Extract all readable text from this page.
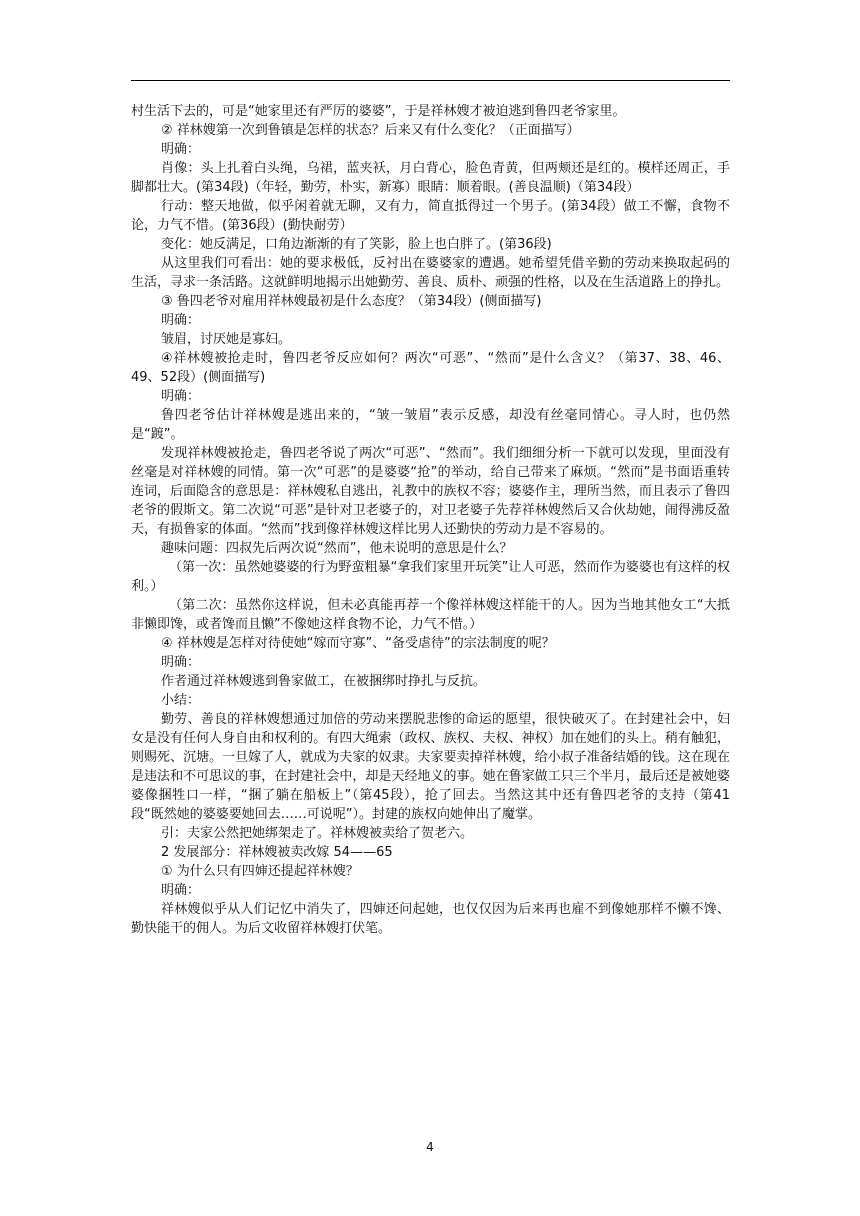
村生活下去的，可是“她家里还有严厉的婆婆”，于是祥林嫂才被迫逃到鲁四老爷家里。

② 祥林嫂第一次到鲁镇是怎样的状态？后来又有什么变化？（正面描写）

明确：

肖像：头上扎着白头绳，乌裙，蓝夹袄，月白背心，脸色青黄，但两颊还是红的。模样还周正，手脚都壮大。(第34段)（年轻，勤劳，朴实，新寡）眼睛：顺着眼。(善良温顺)（第34段）

行动：整天地做，似乎闲着就无聊，又有力，简直抵得过一个男子。(第34段）做工不懈，食物不论，力气不惜。(第36段）(勤快耐劳）

变化：她反满足，口角边渐渐的有了笑影，脸上也白胖了。(第36段)

从这里我们可看出：她的要求极低，反衬出在婆婆家的遭遇。她希望凭借辛勤的劳动来换取起码的生活，寻求一条活路。这就鲜明地揭示出她勤劳、善良、质朴、顽强的性格，以及在生活道路上的挣扎。

③ 鲁四老爷对雇用祥林嫂最初是什么态度？（第34段）(侧面描写)

明确：

皱眉，讨厌她是寡妇。

④祥林嫂被抢走时，鲁四老爷反应如何？两次“可恶”、“然而”是什么含义？（第37、38、46、49、52段）(侧面描写)

明确：

鲁四老爷估计祥林嫂是逃出来的，“皱一皱眉”表示反感，却没有丝毫同情心。寻人时，也仍然是“踱”。

发现祥林嫂被抢走，鲁四老爷说了两次“可恶”、“然而”。我们细细分析一下就可以发现，里面没有丝毫是对祥林嫂的同情。第一次“可恶”的是婆婆“抢”的举动，给自己带来了麻烦。“然而”是书面语重转连词，后面隐含的意思是：祥林嫂私自逃出，礼教中的族权不容；婆婆作主，理所当然，而且表示了鲁四老爷的假斯文。第二次说“可恶”是针对卫老婆子的，对卫老婆子先荐祥林嫂然后又合伙劫她，闹得沸反盈天，有损鲁家的体面。“然而”找到像祥林嫂这样比男人还勤快的劳动力是不容易的。

趣味问题：四叔先后两次说“然而”，他未说明的意思是什么？

（第一次：虽然她婆婆的行为野蛮粗暴“拿我们家里开玩笑”让人可恶，然而作为婆婆也有这样的权利。）

（第二次：虽然你这样说，但未必真能再荐一个像祥林嫂这样能干的人。因为当地其他女工“大抵非懒即馋，或者馋而且懒”不像她这样食物不论，力气不惜。）

④ 祥林嫂是怎样对待使她“嫁而守寡”、“备受虐待”的宗法制度的呢？

明确：

作者通过祥林嫂逃到鲁家做工，在被捆绑时挣扎与反抗。

小结：

勤劳、善良的祥林嫂想通过加倍的劳动来摆脱悲惨的命运的愿望，很快破灭了。在封建社会中，妇女是没有任何人身自由和权利的。有四大绳索（政权、族权、夫权、神权）加在她们的头上。稍有触犯，则赐死、沉塘。一旦嫁了人，就成为夫家的奴隶。夫家要卖掉祥林嫂，给小叔子准备结婚的钱。这在现在是违法和不可思议的事，在封建社会中，却是天经地义的事。她在鲁家做工只三个半月，最后还是被她婆婆像捆牲口一样，“捆了躺在船板上”（第45段），抢了回去。当然这其中还有鲁四老爷的支持（第41段“既然她的婆婆要她回去……可说呢”）。封建的族权向她伸出了魔掌。

引：夫家公然把她绑架走了。祥林嫂被卖给了贺老六。

2 发展部分：祥林嫂被卖改嫁 54——65

① 为什么只有四婶还提起祥林嫂？

明确：

祥林嫂似乎从人们记忆中消失了，四婶还问起她，也仅仅因为后来再也雇不到像她那样不懒不馋、勤快能干的佣人。为后文收留祥林嫂打伏笔。

4
